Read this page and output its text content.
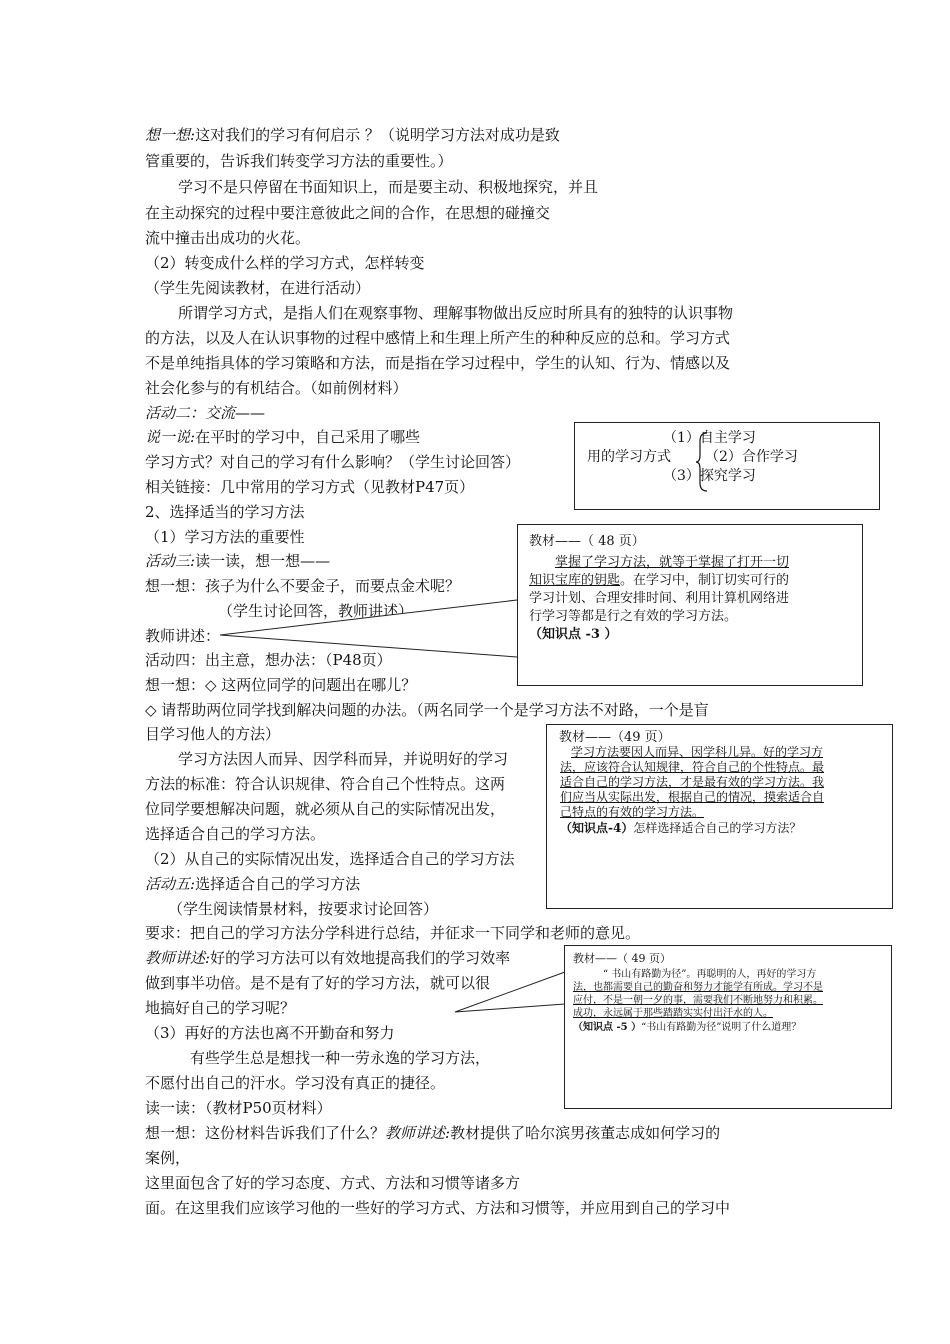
想一想:这对我们的学习有何启示 ？（说明学习方法对成功是致
管重要的，告诉我们转变学习方法的重要性。）
学习不是只停留在书面知识上，而是要主动、积极地探究，并且
在主动探究的过程中要注意彼此之间的合作，在思想的碰撞交
流中撞击出成功的火花。
（2）转变成什么样的学习方式，怎样转变
（学生先阅读教材，在进行活动）
所谓学习方式，是指人们在观察事物、理解事物做出反应时所具有的独特的认识事物
的方法，以及人在认识事物的过程中感情上和生理上所产生的种种反应的总和。学习方式
不是单纯指具体的学习策略和方法，而是指在学习过程中，学生的认知、行为、情感以及
社会化参与的有机结合。（如前例材料）
活动二：交流——
说一说:在平时的学习中，自己采用了哪些
学习方式？对自己的学习有什么影响？（学生讨论回答）
相关链接：几中常用的学习方式（见教材P47页）
2、选择适当的学习方法
（1）学习方法的重要性
活动三:读一读，想一想——
想一想：孩子为什么不要金子，而要点金术呢？
（学生讨论回答，教师讲述）
教师讲述：
活动四：出主意，想办法：（P48页）
想一想：◇ 这两位同学的问题出在哪儿？
◇ 请帮助两位同学找到解决问题的办法。（两名同学一个是学习方法不对路，一个是盲
目学习他人的方法）
学习方法因人而异、因学科而异，并说明好的学习
方法的标准：符合认识规律、符合自己个性特点。这两
位同学要想解决问题，就必须从自己的实际情况出发，
选择适合自己的学习方法。
（2）从自己的实际情况出发，选择适合自己的学习方法
活动五:选择适合自己的学习方法
（学生阅读情景材料，按要求讨论回答）
要求：把自己的学习方法分学科进行总结，并征求一下同学和老师的意见。
教师讲述:好的学习方法可以有效地提高我们的学习效率
做到事半功倍。是不是有了好的学习方法，就可以很
地搞好自己的学习呢？
（3）再好的方法也离不开勤奋和努力
有些学生总是想找一种一劳永逸的学习方法，
不愿付出自己的汗水。学习没有真正的捷径。
读一读：（教材P50页材料）
想一想：这份材料告诉我们了什么？教师讲述:教材提供了哈尔滨男孩董志成如何学习的
案例，
这里面包含了好的学习态度、方式、方法和习惯等诸多方
面。在这里我们应该学习他的一些好的学习方式、方法和习惯等，并应用到自己的学习中
用的学习方式
（1）自主学习
（2）合作学习
（3）探究学习
教材——（ 48 页）
掌握了学习方法，就等于掌握了打开一切
知识宝库的钥匙。在学习中，制订切实可行的
学习计划、合理安排时间、利用计算机网络进
行学习等都是行之有效的学习方法。
（知识点 -3 ）
教材——（49 页）
学习方法要因人而异、因学科儿异。好的学习方
法，应该符合认知规律，符合自己的个性特点。最
适合自己的学习方法，才是最有效的学习方法。我
们应当从实际出发，根据自己的情况，摸索适合自
己特点的有效的学习方法。
（知识点-4）怎样选择适合自己的学习方法？
教材——（ 49 页）
“ 书山有路勤为径”。再聪明的人，再好的学习方
法，也都需要自己的勤奋和努力才能学有所成。学习不是
应付，不是一朝一夕的事，需要我们不断地努力和积累。
成功，永远属于那些踏踏实实付出汗水的人。
（知识点 -5 ）“书山有路勤为径”说明了什么道理？
